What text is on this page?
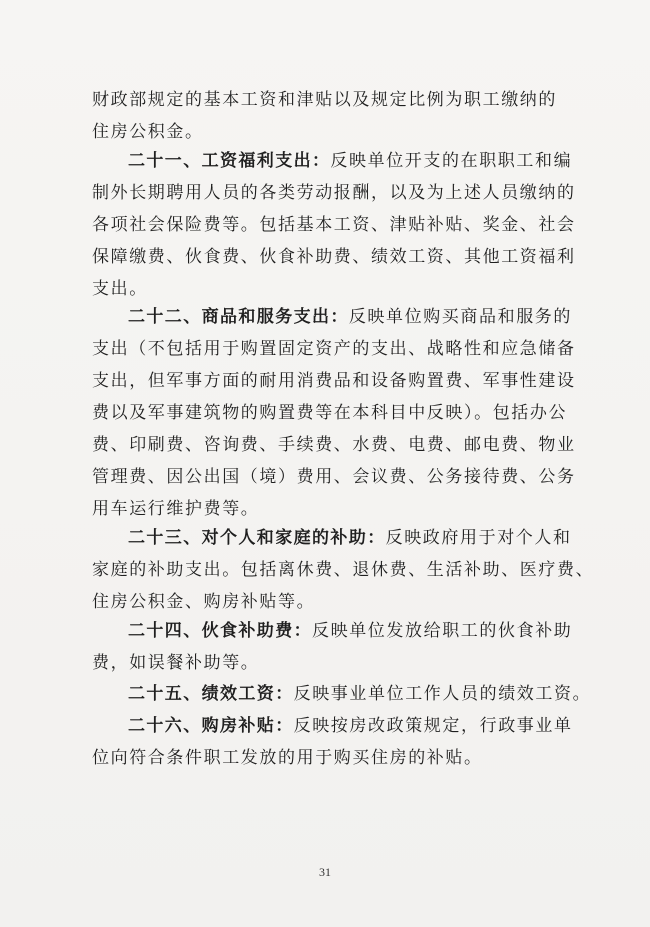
财政部规定的基本工资和津贴以及规定比例为职工缴纳的
住房公积金。
二十一、工资福利支出：反映单位开支的在职职工和编
制外长期聘用人员的各类劳动报酬，以及为上述人员缴纳的
各项社会保险费等。包括基本工资、津贴补贴、奖金、社会
保障缴费、伙食费、伙食补助费、绩效工资、其他工资福利
支出。
二十二、商品和服务支出：反映单位购买商品和服务的
支出（不包括用于购置固定资产的支出、战略性和应急储备
支出，但军事方面的耐用消费品和设备购置费、军事性建设
费以及军事建筑物的购置费等在本科目中反映）。包括办公
费、印刷费、咨询费、手续费、水费、电费、邮电费、物业
管理费、因公出国（境）费用、会议费、公务接待费、公务
用车运行维护费等。
二十三、对个人和家庭的补助：反映政府用于对个人和
家庭的补助支出。包括离休费、退休费、生活补助、医疗费、
住房公积金、购房补贴等。
二十四、伙食补助费：反映单位发放给职工的伙食补助
费，如误餐补助等。
二十五、绩效工资：反映事业单位工作人员的绩效工资。
二十六、购房补贴：反映按房改政策规定，行政事业单
位向符合条件职工发放的用于购买住房的补贴。
31
